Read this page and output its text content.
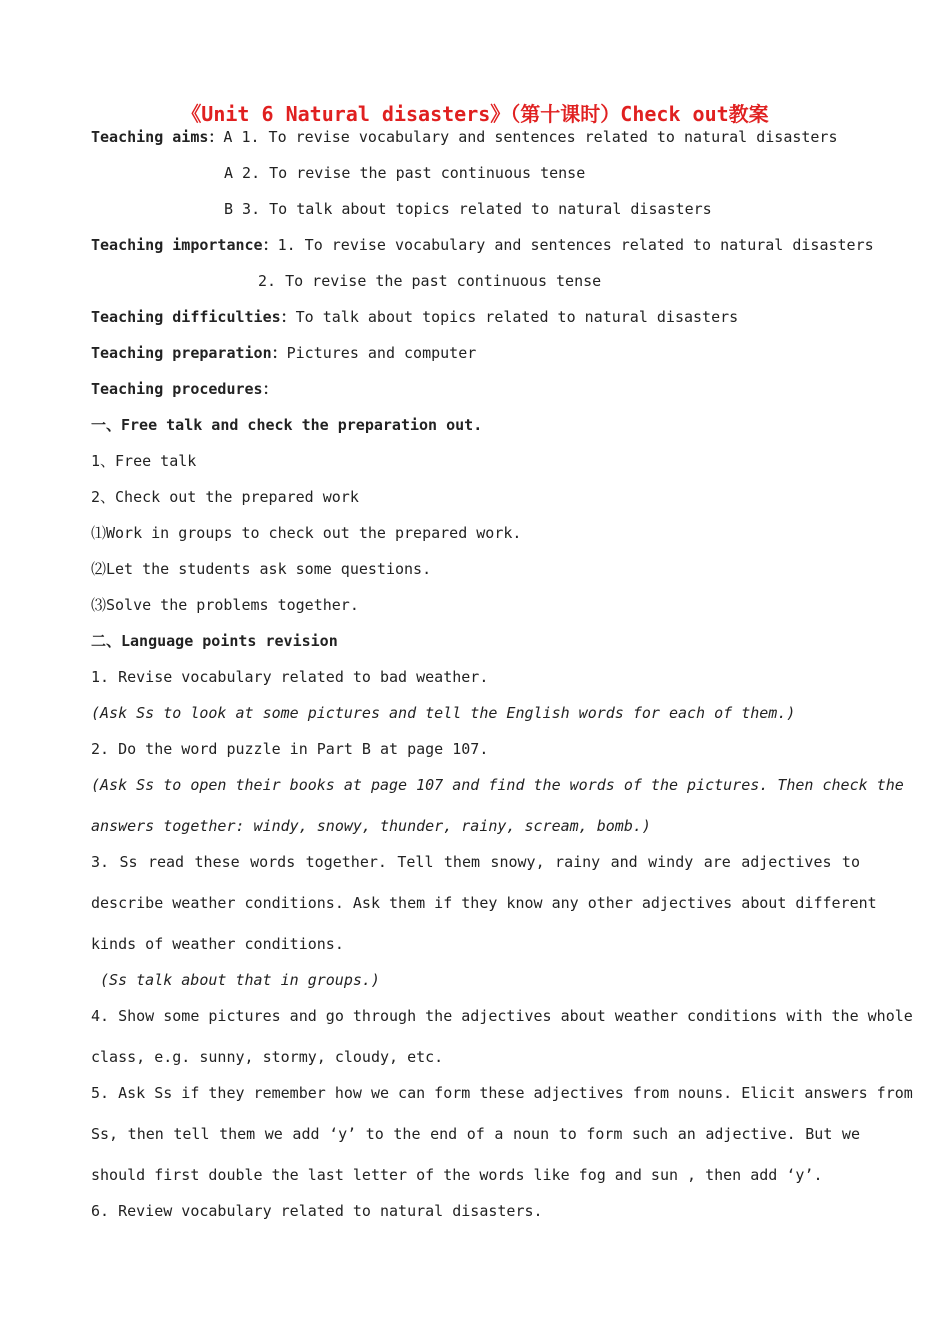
《Unit 6 Natural disasters》（第十课时）Check out教案
Teaching aims：A 1. To revise vocabulary and sentences related to natural disasters
A 2. To revise the past continuous tense
B 3. To talk about topics related to natural disasters
Teaching importance：1. To revise vocabulary and sentences related to natural disasters
2. To revise the past continuous tense
Teaching difficulties：To talk about topics related to natural disasters
Teaching preparation：Pictures and computer
Teaching procedures：
一、Free talk and check the preparation out.
1、Free talk
2、Check out the prepared work
⑴Work in groups to check out the prepared work.
⑵Let the students ask some questions.
⑶Solve the problems together.
二、Language points revision
1. Revise vocabulary related to bad weather.
(Ask Ss to look at some pictures and tell the English words for each of them.)
2. Do the word puzzle in Part B at page 107.
(Ask Ss to open their books at page 107 and find the words of the pictures. Then check the
answers together: windy, snowy, thunder, rainy, scream, bomb.)
3. Ss read these words together. Tell them snowy, rainy and windy are adjectives to
describe weather conditions. Ask them if they know any other adjectives about different
kinds of weather conditions.
(Ss talk about that in groups.)
4. Show some pictures and go through the adjectives about weather conditions with the whole
class, e.g. sunny, stormy, cloudy, etc.
5. Ask Ss if they remember how we can form these adjectives from nouns. Elicit answers from
Ss, then tell them we add ‘y’ to the end of a noun to form such an adjective. But we
should first double the last letter of the words like fog and sun , then add ‘y’.
6. Review vocabulary related to natural disasters.
